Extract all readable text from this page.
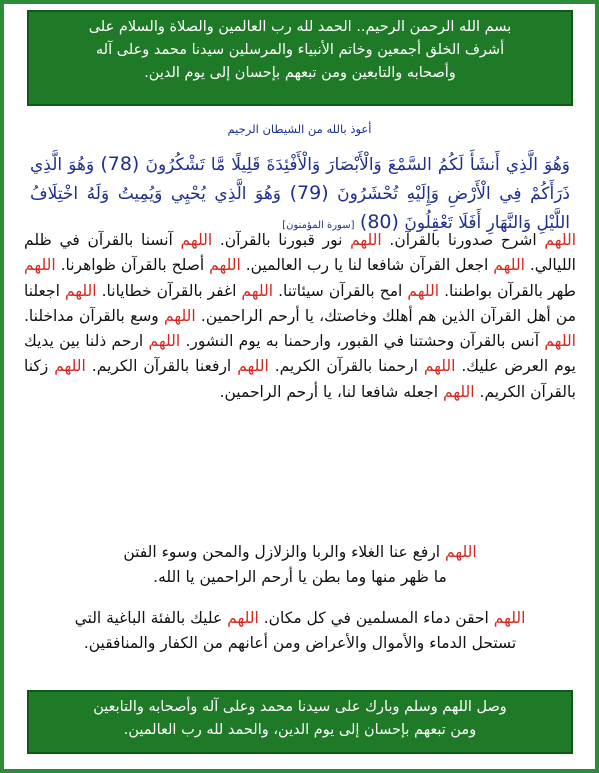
بسم الله الرحمن الرحيم.. الحمد لله رب العالمين والصلاة والسلام على

أشرف الخلق أجمعين وخاتم الأنبياء والمرسلين سيدنا محمد وعلى آله

وأصحابه والتابعين ومن تبعهم بإحسان إلى يوم الدين.

أعوذ بالله من الشيطان الرجيم
وَهُوَ الَّذِي أَنشَأَ لَكُمُ السَّمْعَ وَالْأَبْصَارَ وَالْأَفْئِدَةَ قَلِيلًا مَّا تَشْكُرُونَ (78) وَهُوَ الَّذِي ذَرَأَكُمْ فِي الْأَرْضِ وَإِلَيْهِ تُحْشَرُونَ (79) وَهُوَ الَّذِي يُحْيِي وَيُمِيتُ وَلَهُ اخْتِلَافُ اللَّيْلِ وَالنَّهَارِ أَفَلَا تَعْقِلُونَ (80) [سورة المؤمنون]
اللهم اشرح صدورنا بالقرآن. اللهم نور قبورنا بالقرآن. اللهم آنسنا بالقرآن في ظلم الليالي. اللهم اجعل القرآن شافعا لنا يا رب العالمين. اللهم أصلح بالقرآن ظواهرنا. اللهم طهر بالقرآن بواطننا. اللهم امح بالقرآن سيئاتنا. اللهم اغفر بالقرآن خطايانا. اللهم اجعلنا من أهل القرآن الذين هم أهلك وخاصتك، يا أرحم الراحمين. اللهم وسع بالقرآن مداخلنا. اللهم آنس بالقرآن وحشتنا في القبور، وارحمنا به يوم النشور. اللهم ارحم ذلنا بين يديك يوم العرض عليك. اللهم ارحمنا بالقرآن الكريم. اللهم ارفعنا بالقرآن الكريم. اللهم زكنا بالقرآن الكريم. اللهم اجعله شافعا لنا، يا أرحم الراحمين.
اللهم ارفع عنا الغلاء والربا والزلازل والمحن وسوء الفتن
ما ظهر منها وما بطن يا أرحم الراحمين يا الله.
اللهم احقن دماء المسلمين في كل مكان. اللهم عليك بالفئة الباغية التي
تستحل الدماء والأموال والأعراض ومن أعانهم من الكفار والمنافقين.

وصل اللهم وسلم وبارك على سيدنا محمد وعلى آله وأصحابه والتابعين

ومن تبعهم بإحسان إلى يوم الدين، والحمد لله رب العالمين.
